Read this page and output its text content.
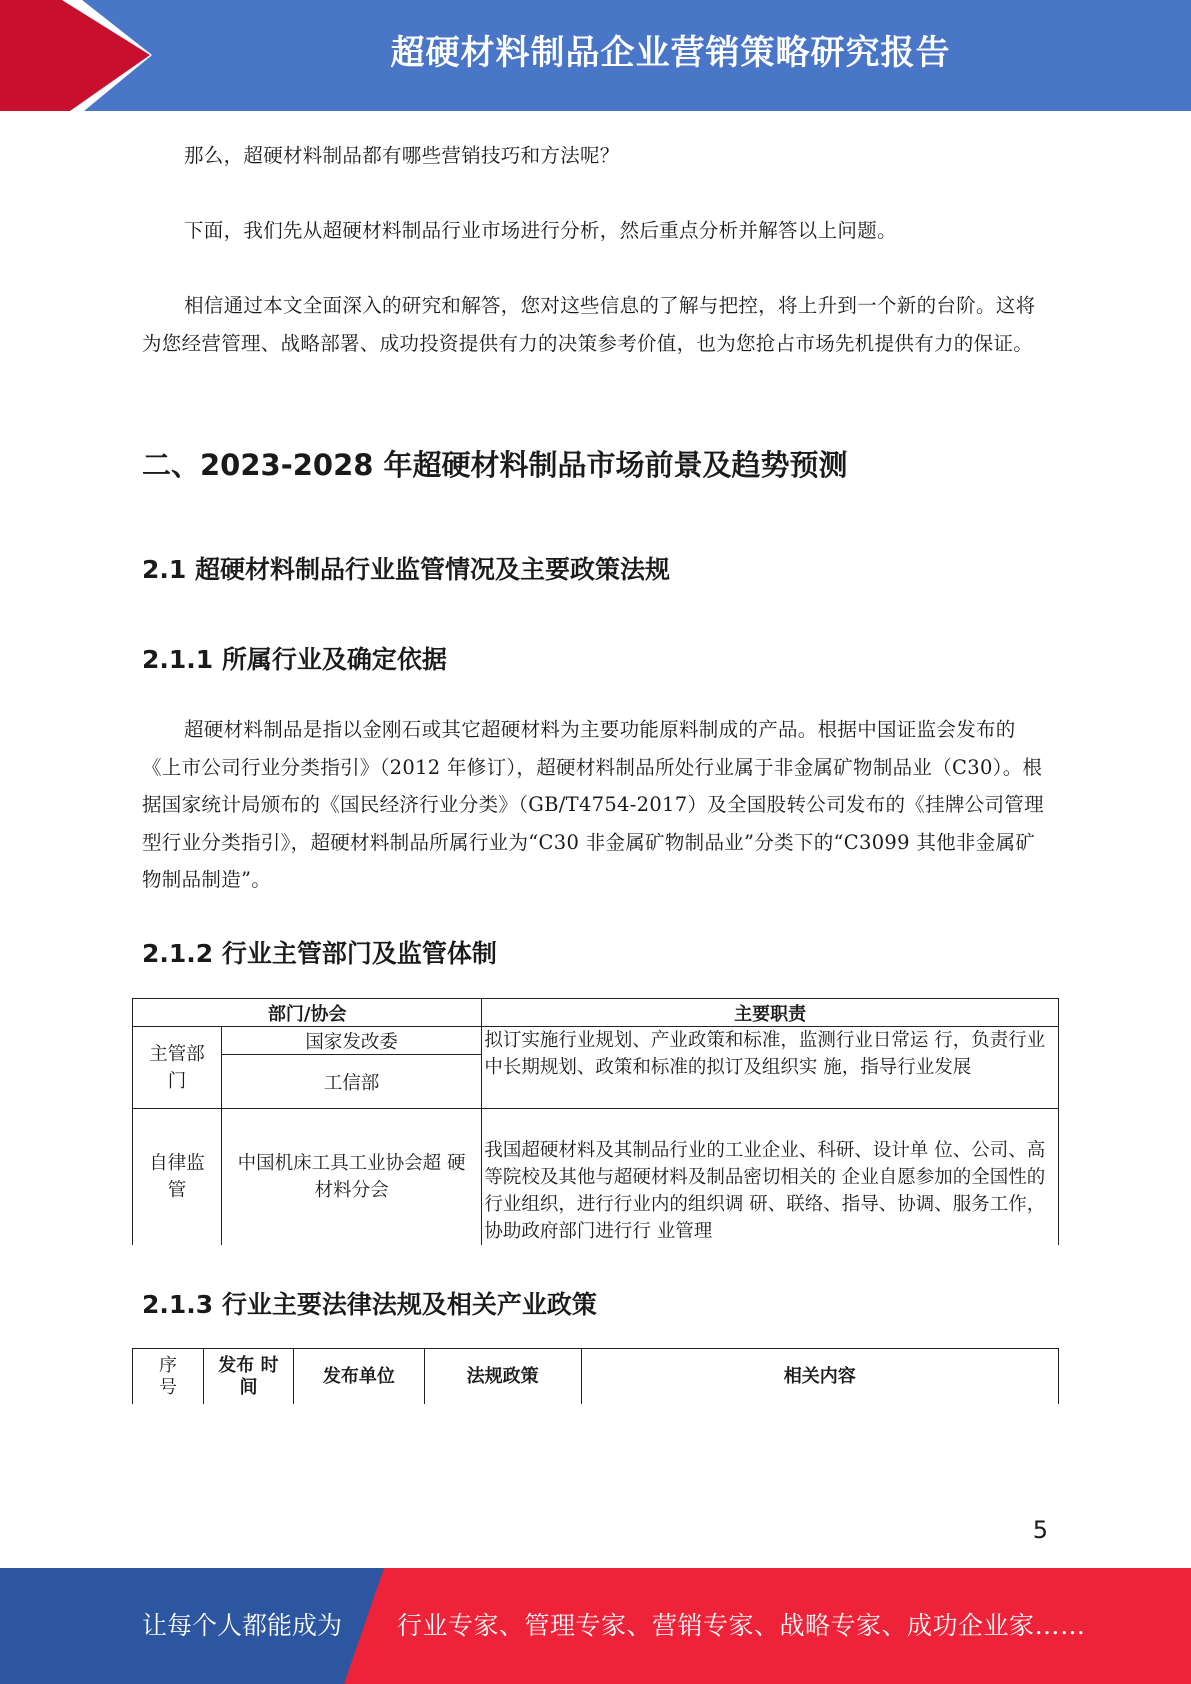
超硬材料制品企业营销策略研究报告

那么，超硬材料制品都有哪些营销技巧和方法呢？

下面，我们先从超硬材料制品行业市场进行分析，然后重点分析并解答以上问题。

相信通过本文全面深入的研究和解答，您对这些信息的了解与把控，将上升到一个新的台阶。这将为您经营管理、战略部署、成功投资提供有力的决策参考价值，也为您抢占市场先机提供有力的保证。

二、2023-2028 年超硬材料制品市场前景及趋势预测
2.1 超硬材料制品行业监管情况及主要政策法规
2.1.1 所属行业及确定依据

超硬材料制品是指以金刚石或其它超硬材料为主要功能原料制成的产品。根据中国证监会发布的《上市公司行业分类指引》（2012 年修订），超硬材料制品所处行业属于非金属矿物制品业（C30）。根据国家统计局颁布的《国民经济行业分类》（GB/T4754-2017）及全国股转公司发布的《挂牌公司管理型行业分类指引》，超硬材料制品所属行业为“C30 非金属矿物制品业”分类下的“C3099 其他非金属矿物制品制造”。

2.1.2 行业主管部门及监管体制
部门/协会		主要职责
主管部门	国家发改委	拟订实施行业规划、产业政策和标准，监测行业日常运 行，负责行业中长期规划、政策和标准的拟订及组织实 施，指导行业发展
	工信部	
自律监管	中国机床工具工业协会超 硬材料分会	我国超硬材料及其制品行业的工业企业、科研、设计单 位、公司、高等院校及其他与超硬材料及制品密切相关的 企业自愿参加的全国性的行业组织，进行行业内的组织调 研、联络、指导、协调、服务工作，协助政府部门进行行 业管理
2.1.3 行业主要法律法规及相关产业政策
序号	发布 时间	发布单位	法规政策	相关内容
5
让每个人都能成为 行业专家、管理专家、营销专家、战略专家、成功企业家……
